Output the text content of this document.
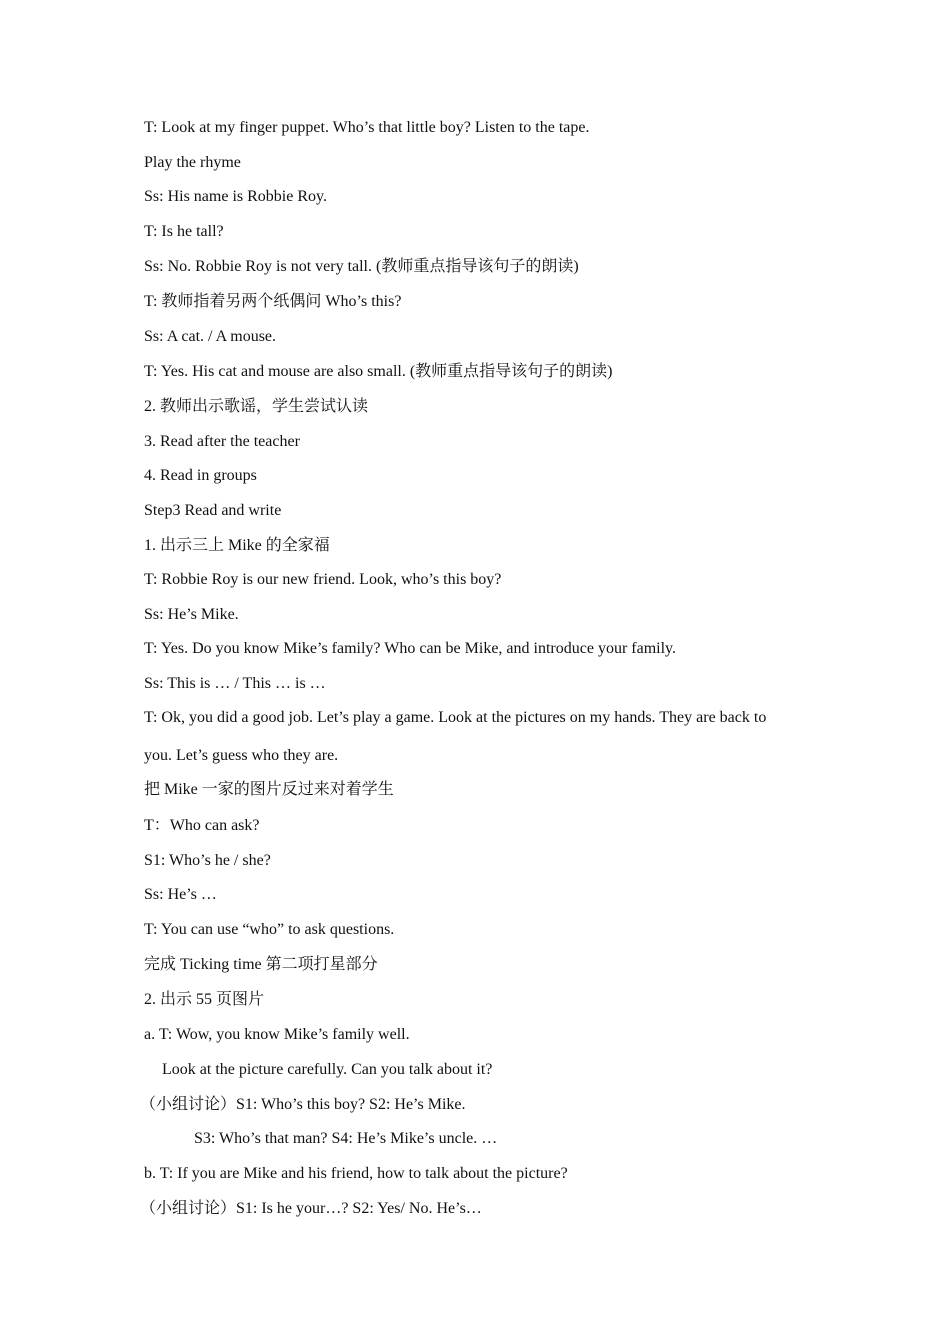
T: Look at my finger puppet. Who’s that little boy? Listen to the tape.
Play the rhyme
Ss: His name is Robbie Roy.
T: Is he tall?
Ss: No. Robbie Roy is not very tall. (教师重点指导该句子的朗读)
T: 教师指着另两个纸偶问 Who’s this?
Ss: A cat. / A mouse.
T: Yes. His cat and mouse are also small. (教师重点指导该句子的朗读)
2. 教师出示歌谣，学生尝试认读
3. Read after the teacher
4. Read in groups
Step3 Read and write
1. 出示三上 Mike 的全家福
T: Robbie Roy is our new friend. Look, who’s this boy?
Ss: He’s Mike.
T: Yes. Do you know Mike’s family? Who can be Mike, and introduce your family.
Ss: This is … / This … is …
T: Ok, you did a good job. Let’s play a game. Look at the pictures on my hands. They are back to
you. Let’s guess who they are.
把 Mike 一家的图片反过来对着学生
T：Who can ask?
S1: Who’s he / she?
Ss: He’s …
T: You can use “who” to ask questions.
完成 Ticking time 第二项打星部分
2. 出示 55 页图片
a. T: Wow, you know Mike’s family well.
Look at the picture carefully. Can you talk about it?
（小组讨论）S1: Who’s this boy? S2: He’s Mike.
S3: Who’s that man? S4: He’s Mike’s uncle. …
b. T: If you are Mike and his friend, how to talk about the picture?
（小组讨论）S1: Is he your…? S2: Yes/ No. He’s…
